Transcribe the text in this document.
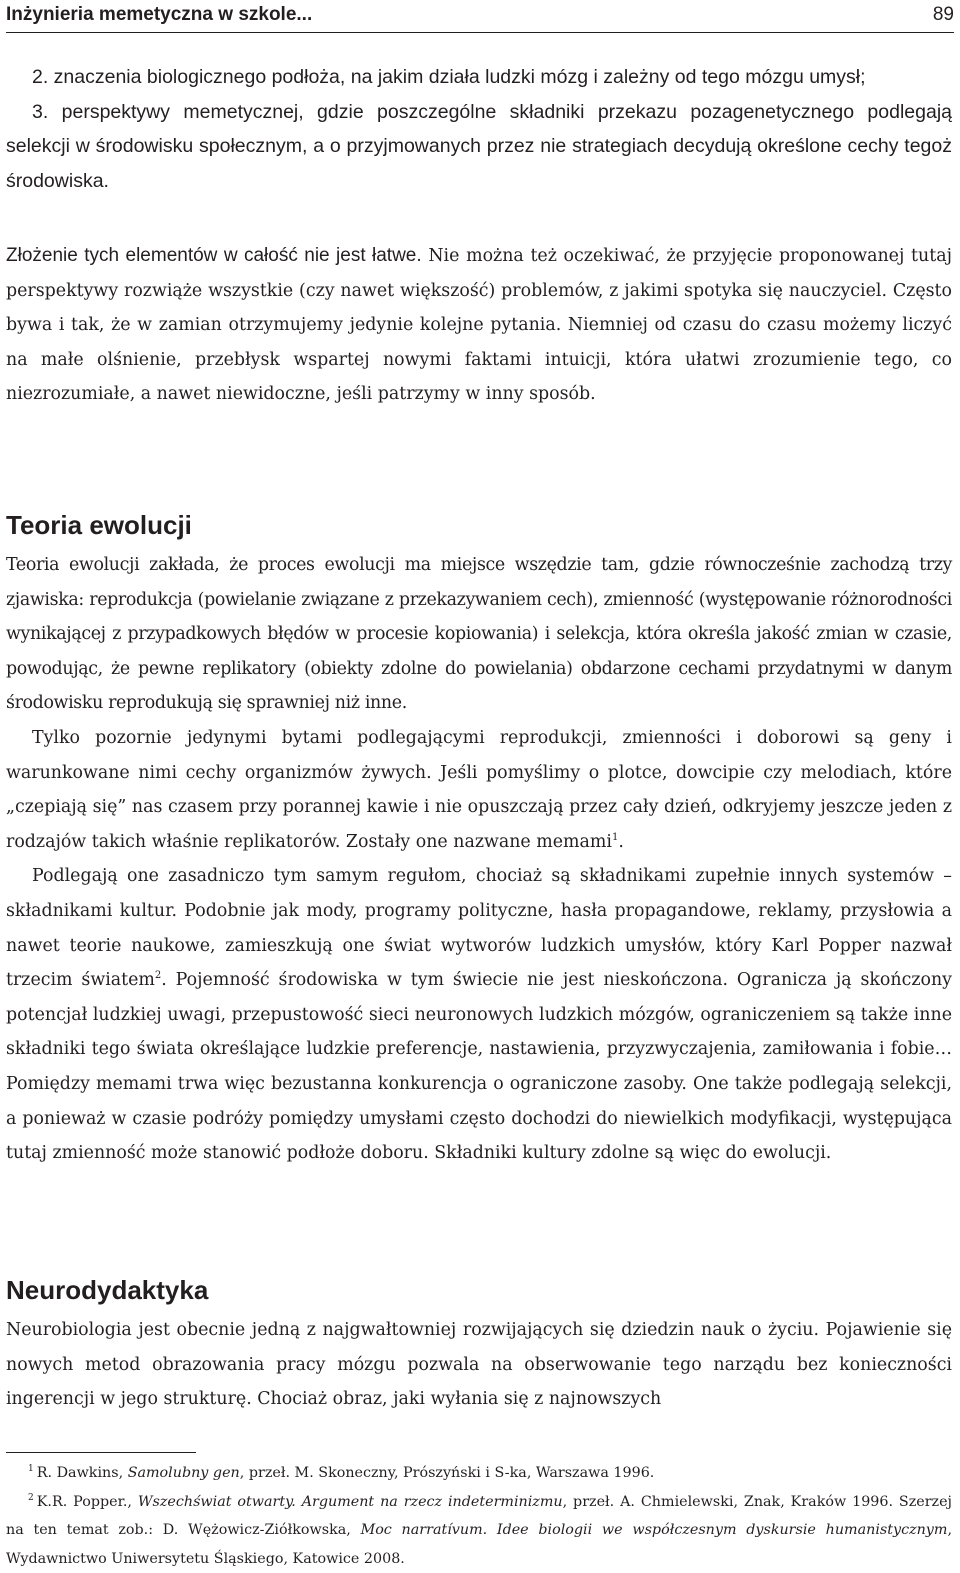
Inżynieria memetyczna w szkole...	89

2. znaczenia biologicznego podłoża, na jakim działa ludzki mózg i zależny od tego mózgu umysł;

3. perspektywy memetycznej, gdzie poszczególne składniki przekazu pozagenetycznego podlegają selekcji w środowisku społecznym, a o przyjmowanych przez nie strategiach decydują określone cechy tegoż środowiska.

Złożenie tych elementów w całość nie jest łatwe. Nie można też oczekiwać, że przyjęcie proponowanej tutaj perspektywy rozwiąże wszystkie (czy nawet większość) problemów, z jakimi spotyka się nauczyciel. Często bywa i tak, że w zamian otrzymujemy jedynie kolejne pytania. Niemniej od czasu do czasu możemy liczyć na małe olśnienie, przebłysk wspartej nowymi faktami intuicji, która ułatwi zrozumienie tego, co niezrozumiałe, a nawet niewidoczne, jeśli patrzymy w inny sposób.

Teoria ewolucji

Teoria ewolucji zakłada, że proces ewolucji ma miejsce wszędzie tam, gdzie równocześnie zachodzą trzy zjawiska: reprodukcja (powielanie związane z przekazywaniem cech), zmienność (występowanie różnorodności wynikającej z przypadkowych błędów w procesie kopiowania) i selekcja, która określa jakość zmian w czasie, powodując, że pewne replikatory (obiekty zdolne do powielania) obdarzone cechami przydatnymi w danym środowisku reprodukują się sprawniej niż inne.

Tylko pozornie jedynymi bytami podlegającymi reprodukcji, zmienności i doborowi są geny i warunkowane nimi cechy organizmów żywych. Jeśli pomyślimy o plotce, dowcipie czy melodiach, które „czepiają się” nas czasem przy porannej kawie i nie opuszczają przez cały dzień, odkryjemy jeszcze jeden z rodzajów takich właśnie replikatorów. Zostały one nazwane memami$^1$.

Podlegają one zasadniczo tym samym regułom, chociaż są składnikami zupełnie innych systemów – składnikami kultur. Podobnie jak mody, programy polityczne, hasła propagandowe, reklamy, przysłowia a nawet teorie naukowe, zamieszkują one świat wytworów ludzkich umysłów, który Karl Popper nazwał trzecim światem$^2$. Pojemność środowiska w tym świecie nie jest nieskończona. Ogranicza ją skończony potencjał ludzkiej uwagi, przepustowość sieci neuronowych ludzkich mózgów, ograniczeniem są także inne składniki tego świata określające ludzkie preferencje, nastawienia, przyzwyczajenia, zamiłowania i fobie… Pomiędzy memami trwa więc bezustanna konkurencja o ograniczone zasoby. One także podlegają selekcji, a ponieważ w czasie podróży pomiędzy umysłami często dochodzi do niewielkich modyfikacji, występująca tutaj zmienność może stanowić podłoże doboru. Składniki kultury zdolne są więc do ewolucji.

Neurodydaktyka

Neurobiologia jest obecnie jedną z najgwałtowniej rozwijających się dziedzin nauk o życiu. Pojawienie się nowych metod obrazowania pracy mózgu pozwala na obserwowanie tego narządu bez konieczności ingerencji w jego strukturę. Chociaż obraz, jaki wyłania się z najnowszych

$^1$ R. Dawkins, Samolubny gen, przeł. M. Skoneczny, Prószyński i S-ka, Warszawa 1996.

$^2$ K.R. Popper., Wszechświat otwarty. Argument na rzecz indeterminizmu, przeł. A. Chmielewski, Znak, Kraków 1996. Szerzej na ten temat zob.: D. Wężowicz-Ziółkowska, Moc narratívum. Idee biologii we współczesnym dyskursie humanistycznym, Wydawnictwo Uniwersytetu Śląskiego, Katowice 2008.
